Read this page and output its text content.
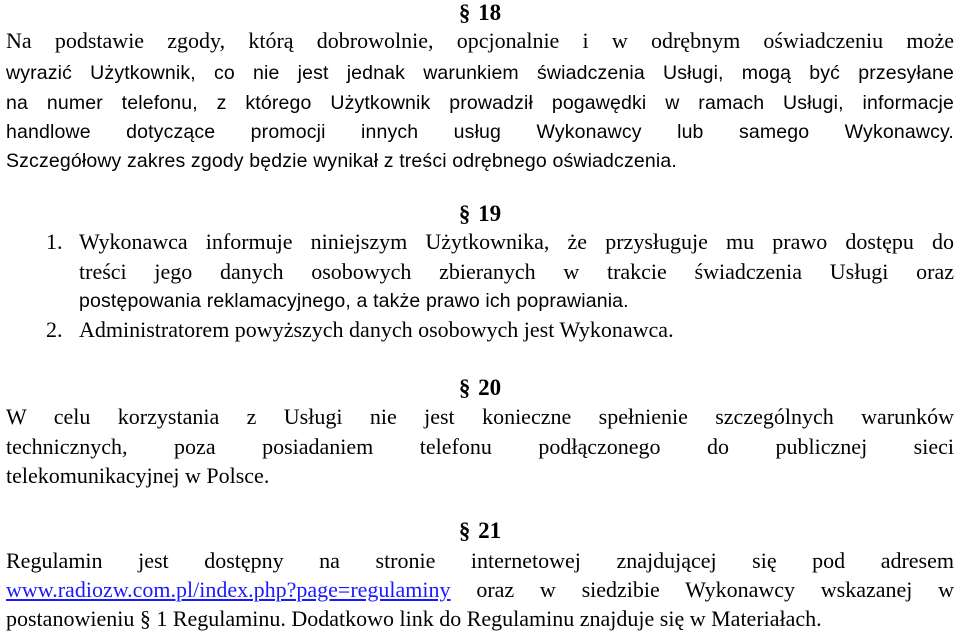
§ 18
Na podstawie zgody, którą dobrowolnie, opcjonalnie i w odrębnym oświadczeniu może
wyrazić Użytkownik, co nie jest jednak warunkiem świadczenia Usługi, mogą być przesyłane
na numer telefonu, z którego Użytkownik prowadził pogawędki w ramach Usługi, informacje
handlowe dotyczące promocji innych usług Wykonawcy lub samego Wykonawcy.
Szczegółowy zakres zgody będzie wynikał z treści odrębnego oświadczenia.
§ 19
1. Wykonawca informuje niniejszym Użytkownika, że przysługuje mu prawo dostępu do
treści jego danych osobowych zbieranych w trakcie świadczenia Usługi oraz
postępowania reklamacyjnego, a także prawo ich poprawiania.
2. Administratorem powyższych danych osobowych jest Wykonawca.
§ 20
W celu korzystania z Usługi nie jest konieczne spełnienie szczególnych warunków
technicznych, poza posiadaniem telefonu podłączonego do publicznej sieci
telekomunikacyjnej w Polsce.
§ 21
Regulamin jest dostępny na stronie internetowej znajdującej się pod adresem
www.radiozw.com.pl/index.php?page=regulaminy oraz w siedzibie Wykonawcy wskazanej w
postanowieniu § 1 Regulaminu. Dodatkowo link do Regulaminu znajduje się w Materiałach.
